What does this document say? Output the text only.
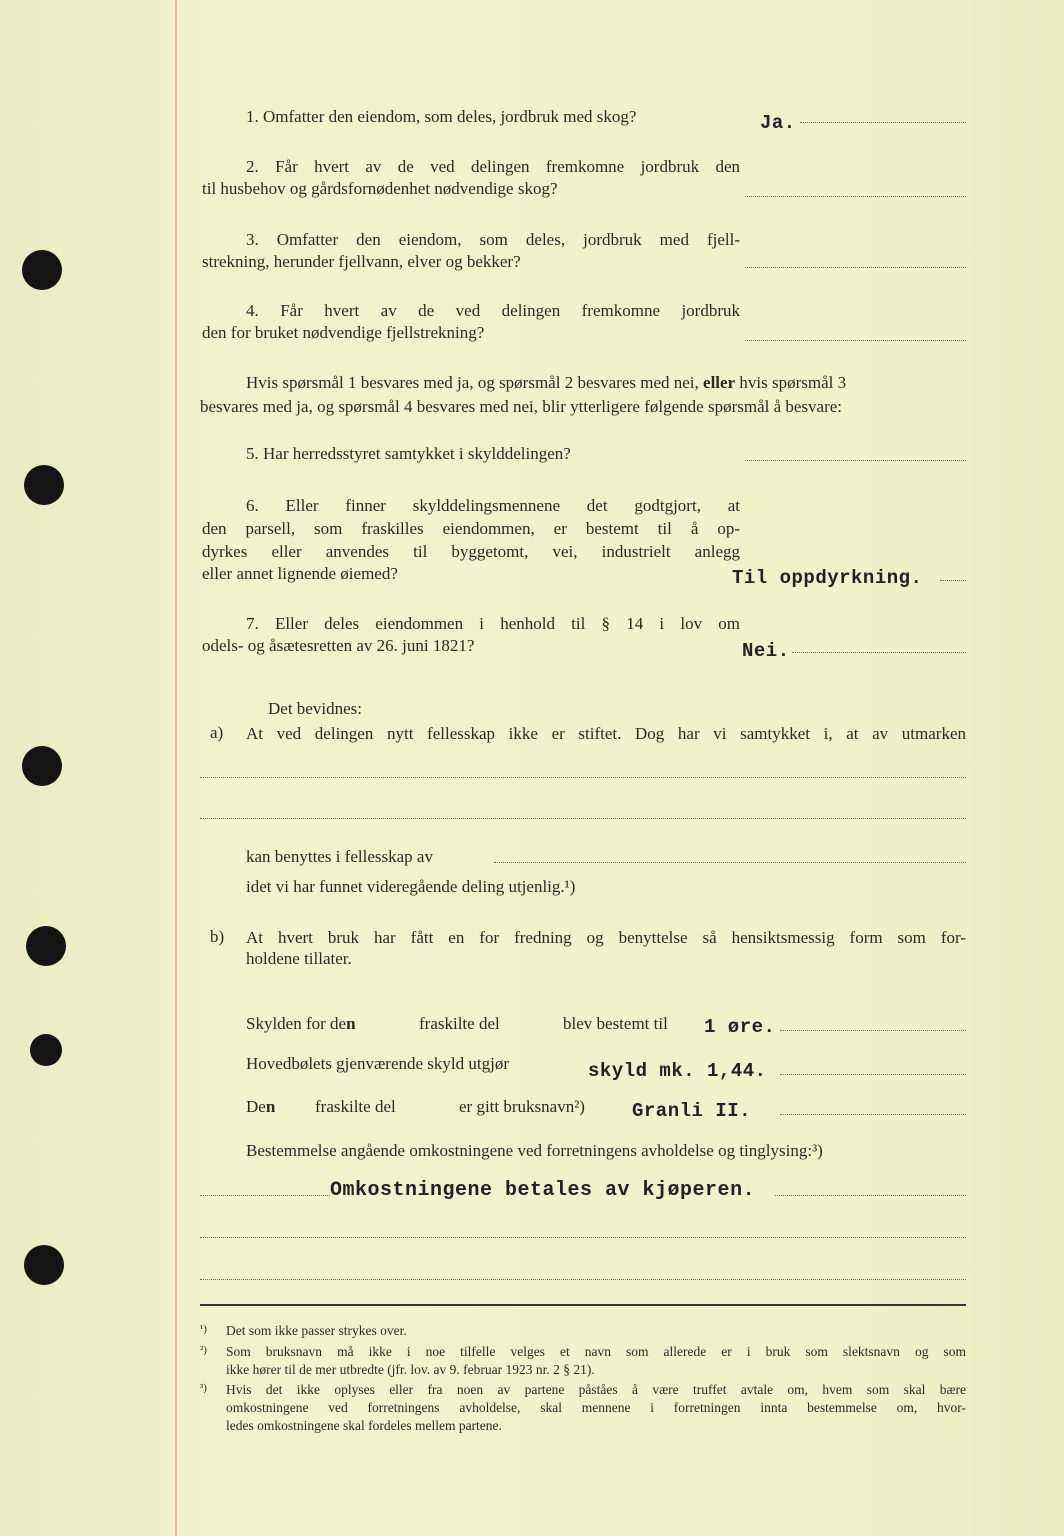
1. Omfatter den eiendom, som deles, jordbruk med skog?	Ja.
2. Får hvert av de ved delingen fremkomne jordbruk den
til husbehov og gårdsfornødenhet nødvendige skog?
3. Omfatter den eiendom, som deles, jordbruk med fjell-
strekning, herunder fjellvann, elver og bekker?
4. Får hvert av de ved delingen fremkomne jordbruk
den for bruket nødvendige fjellstrekning?
Hvis spørsmål 1 besvares med ja, og spørsmål 2 besvares med nei, eller hvis spørsmål 3
besvares med ja, og spørsmål 4 besvares med nei, blir ytterligere følgende spørsmål å besvare:
5. Har herredsstyret samtykket i skylddelingen?
6. Eller finner skylddelingsmennene det godtgjort, at
den parsell, som fraskilles eiendommen, er bestemt til å op-
dyrkes eller anvendes til byggetomt, vei, industrielt anlegg
eller annet lignende øiemed?	Til oppdyrkning.
7. Eller deles eiendommen i henhold til § 14 i lov om
odels- og åsætesretten av 26. juni 1821?	Nei.
Det bevidnes:
a) At ved delingen nytt fellesskap ikke er stiftet. Dog har vi samtykket i, at av utmarken
kan benyttes i fellesskap av
idet vi har funnet videregående deling utjenlig.¹)
b) At hvert bruk har fått en for fredning og benyttelse så hensiktsmessig form som for-
holdene tillater.
Skylden for den	fraskilte del	blev bestemt til 1 øre.
Hovedbølets gjenværende skyld utgjør	skyld mk. 1,44.
Den fraskilte del	er gitt bruksnavn²) Granli II.
Bestemmelse angående omkostningene ved forretningens avholdelse og tinglysing:³)
Omkostningene betales av kjøperen.
¹) Det som ikke passer strykes over.
²) Som bruksnavn må ikke i noe tilfelle velges et navn som allerede er i bruk som slektsnavn og som
ikke hører til de mer utbredte (jfr. lov. av 9. februar 1923 nr. 2 § 21).
³) Hvis det ikke oplyses eller fra noen av partene påståes å være truffet avtale om, hvem som skal bære
omkostningene ved forretningens avholdelse, skal mennene i forretningen innta bestemmelse om, hvor-
ledes omkostningene skal fordeles mellem partene.
